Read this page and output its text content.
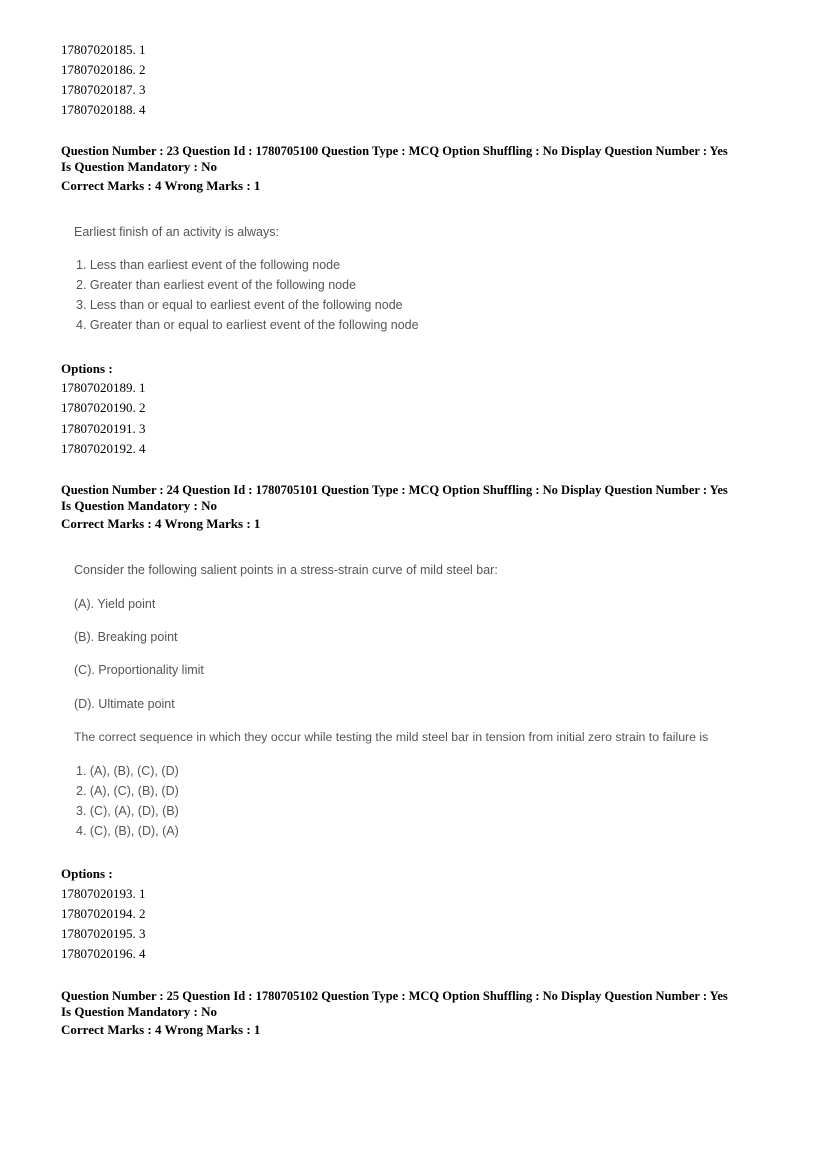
17807020185. 1
17807020186. 2
17807020187. 3
17807020188. 4
Question Number : 23 Question Id : 1780705100 Question Type : MCQ Option Shuffling : No Display Question Number : Yes
Is Question Mandatory : No
Correct Marks : 4 Wrong Marks : 1
Earliest finish of an activity is always:
1. Less than earliest event of the following node
2. Greater than earliest event of the following node
3. Less than or equal to earliest event of the following node
4. Greater than or equal to earliest event of the following node
Options :
17807020189. 1
17807020190. 2
17807020191. 3
17807020192. 4
Question Number : 24 Question Id : 1780705101 Question Type : MCQ Option Shuffling : No Display Question Number : Yes
Is Question Mandatory : No
Correct Marks : 4 Wrong Marks : 1
Consider the following salient points in a stress-strain curve of mild steel bar:
(A). Yield point
(B). Breaking point
(C). Proportionality limit
(D). Ultimate point
The correct sequence in which they occur while testing the mild steel bar in tension from initial zero strain to failure is
1. (A), (B), (C), (D)
2. (A), (C), (B), (D)
3. (C), (A), (D), (B)
4. (C), (B), (D), (A)
Options :
17807020193. 1
17807020194. 2
17807020195. 3
17807020196. 4
Question Number : 25 Question Id : 1780705102 Question Type : MCQ Option Shuffling : No Display Question Number : Yes
Is Question Mandatory : No
Correct Marks : 4 Wrong Marks : 1
